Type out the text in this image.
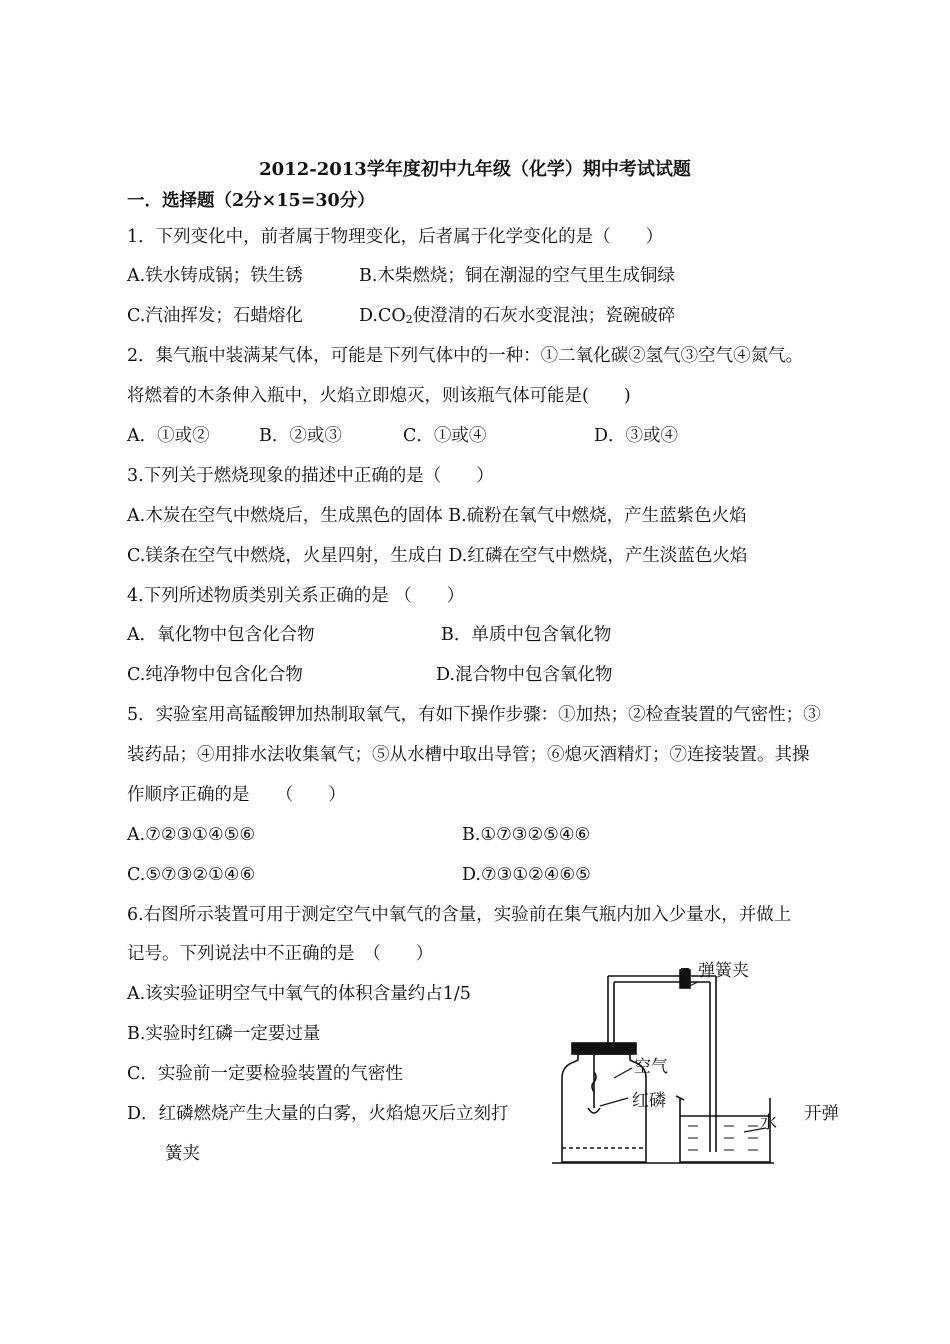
2012-2013学年度初中九年级（化学）期中考试试题
一．选择题（2分×15=30分）
1．下列变化中，前者属于物理变化，后者属于化学变化的是（　　）
A.铁水铸成锅；铁生锈	B.木柴燃烧；铜在潮湿的空气里生成铜绿
C.汽油挥发；石蜡熔化	$D.CO_2$使澄清的石灰水变混浊；瓷碗破碎
2．集气瓶中装满某气体，可能是下列气体中的一种：①二氧化碳②氢气③空气④氮气。
将燃着的木条伸入瓶中，火焰立即熄灭，则该瓶气体可能是(　　)
A．①或②	B．②或③	C．①或④	D．③或④
3.下列关于燃烧现象的描述中正确的是（　　）
A.木炭在空气中燃烧后，生成黑色的固体 B.硫粉在氧气中燃烧，产生蓝紫色火焰
C.镁条在空气中燃烧，火星四射，生成白 D.红磷在空气中燃烧，产生淡蓝色火焰
4.下列所述物质类别关系正确的是 （　　）
A．氧化物中包含化合物	B．单质中包含氧化物
C.纯净物中包含化合物	D.混合物中包含氧化物
5．实验室用高锰酸钾加热制取氧气，有如下操作步骤：①加热；②检查装置的气密性；③
装药品；④用排水法收集氧气；⑤从水槽中取出导管；⑥熄灭酒精灯；⑦连接装置。其操
作顺序正确的是　　（　　）
A.⑦②③①④⑤⑥	B.①⑦③②⑤④⑥
C.⑤⑦③②①④⑥	D.⑦③①②④⑥⑤
6.右图所示装置可用于测定空气中氧气的含量，实验前在集气瓶内加入少量水，并做上
记号。下列说法中不正确的是　（　　）
A.该实验证明空气中氧气的体积含量约占1/5
B.实验时红磷一定要过量
C．实验前一定要检验装置的气密性
D．红磷燃烧产生大量的白雾，火焰熄灭后立刻打	开弹
簧夹
弹簧夹
空气
红磷
水
